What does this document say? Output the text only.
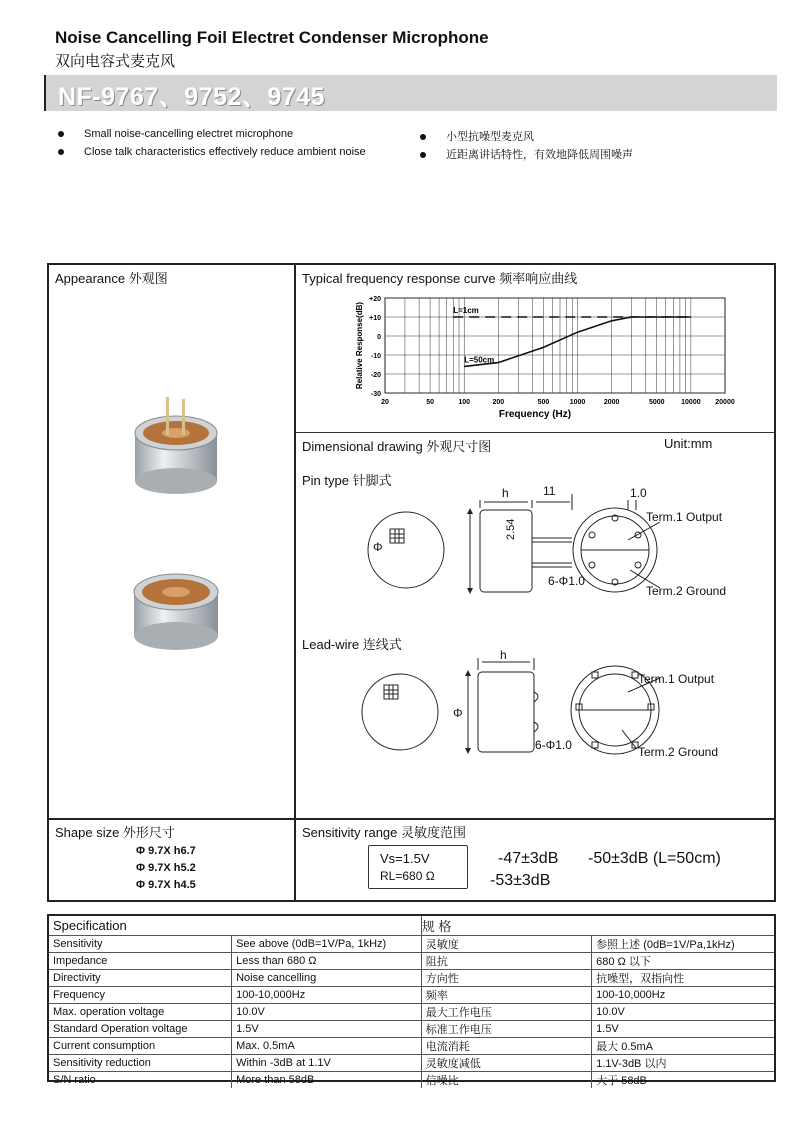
Noise Cancelling Foil Electret Condenser Microphone
双向电容式麦克风
NF-9767、9752、9745
Small noise-cancelling electret microphone
Close talk characteristics effectively reduce ambient noise
小型抗噪型麦克风
近距离讲话特性，有效地降低周围噪声
Appearance 外观图	Typical frequency response curve 频率响应曲线
Dimensional drawing 外观尺寸图	Unit:mm
Pin type 针脚式
Lead-wire 连线式
Shape size 外形尺寸	Sensitivity range 灵敏度范围
+20
+10
0
-10
-20
-30
20	50	100	200	500	1000	2000	5000 10000 20000
Frequency (Hz)
Relative Response(dB)	L=1cm
L=50cm
Φ
h	11	1.0
2.54
6-Φ1.0
Term.1 Output
Term.2 Ground
h
Φ
6-Φ1.0
Term.1 Output
Term.2 Ground
Φ 9.7X h6.7
Φ 9.7X h5.2
Φ 9.7X h4.5
Vs=1.5V
RL=680 Ω
-47±3dB -50±3dB (L=50cm)
-53±3dB
Specification		规 格	
Sensitivity	See above (0dB=1V/Pa, 1kHz)	灵敏度	参照上述 (0dB=1V/Pa,1kHz)
Impedance	Less than 680 Ω	阻抗	680 Ω 以下
Directivity	Noise cancelling	方向性	抗噪型，双指向性
Frequency	100-10,000Hz	频率	100-10,000Hz
Max. operation voltage	10.0V	最大工作电压	10.0V
Standard Operation voltage	1.5V	标准工作电压	1.5V
Current consumption	Max. 0.5mA	电流消耗	最大 0.5mA
Sensitivity reduction	Within -3dB at 1.1V	灵敏度减低	1.1V-3dB 以内
S/N ratio	More than 58dB	信噪比	大于 58dB
